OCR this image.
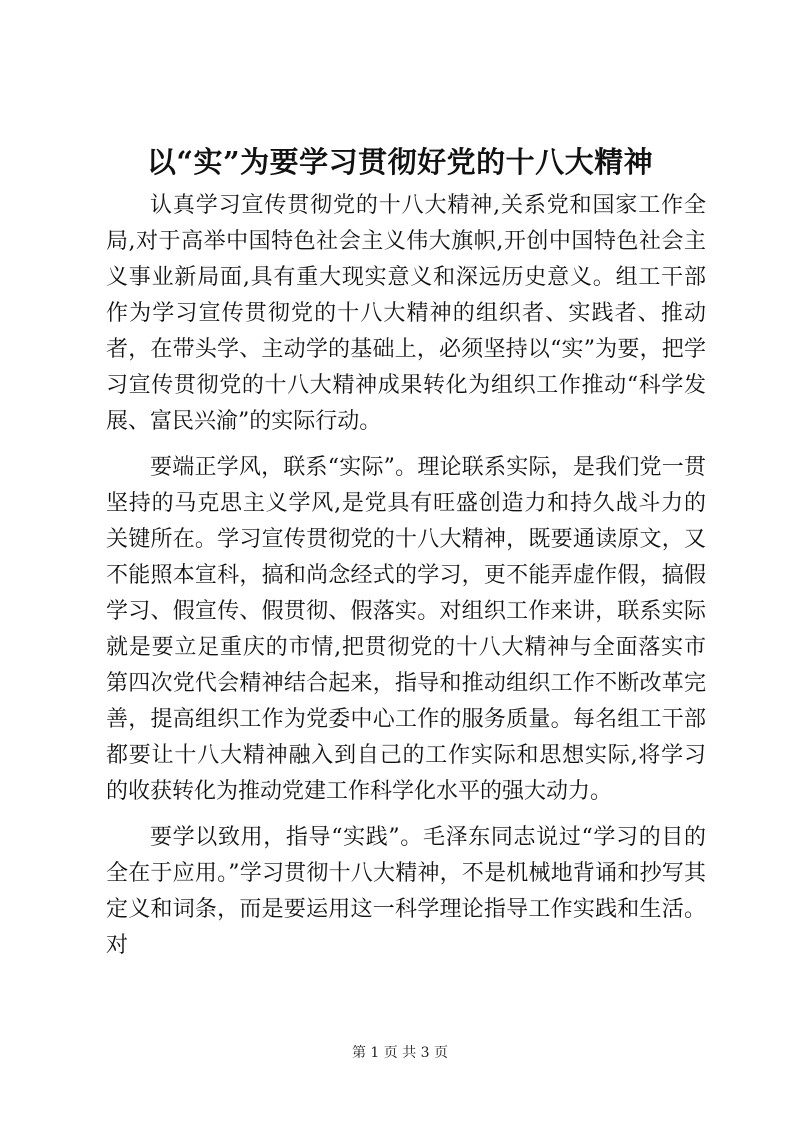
以“实”为要学习贯彻好党的十八大精神

认真学习宣传贯彻党的十八大精神,关系党和国家工作全局,对于高举中国特色社会主义伟大旗帜,开创中国特色社会主义事业新局面,具有重大现实意义和深远历史意义。组工干部作为学习宣传贯彻党的十八大精神的组织者、实践者、推动者，在带头学、主动学的基础上，必须坚持以“实”为要，把学习宣传贯彻党的十八大精神成果转化为组织工作推动“科学发展、富民兴渝”的实际行动。

要端正学风，联系“实际”。理论联系实际，是我们党一贯坚持的马克思主义学风,是党具有旺盛创造力和持久战斗力的关键所在。学习宣传贯彻党的十八大精神，既要通读原文，又不能照本宣科，搞和尚念经式的学习，更不能弄虚作假，搞假学习、假宣传、假贯彻、假落实。对组织工作来讲，联系实际就是要立足重庆的市情,把贯彻党的十八大精神与全面落实市第四次党代会精神结合起来，指导和推动组织工作不断改革完善，提高组织工作为党委中心工作的服务质量。每名组工干部都要让十八大精神融入到自己的工作实际和思想实际,将学习的收获转化为推动党建工作科学化水平的强大动力。

要学以致用，指导“实践”。毛泽东同志说过“学习的目的全在于应用。”学习贯彻十八大精神，不是机械地背诵和抄写其定义和词条，而是要运用这一科学理论指导工作实践和生活。对

第 1 页 共 3 页
